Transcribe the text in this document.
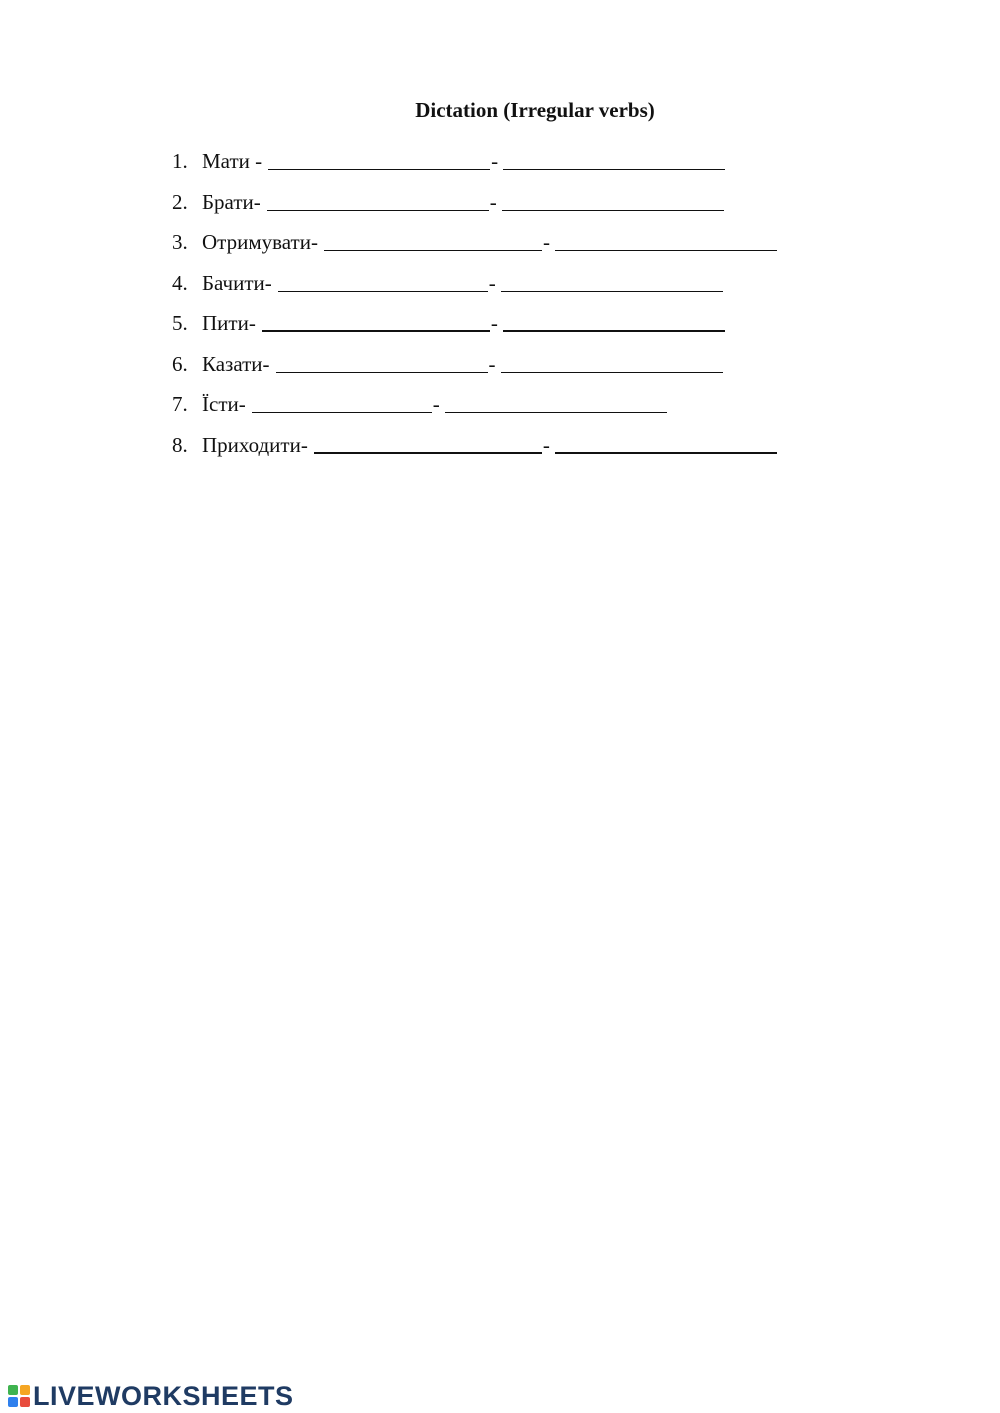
Dictation (Irregular verbs)
1. Мати -	-
2. Брати-	-
3. Отримувати-	-
4. Бачити-	-
5. Пити-	-
6. Казати-	-
7. Їсти-	-
8. Приходити-	-
LIVEWORKSHEETS
